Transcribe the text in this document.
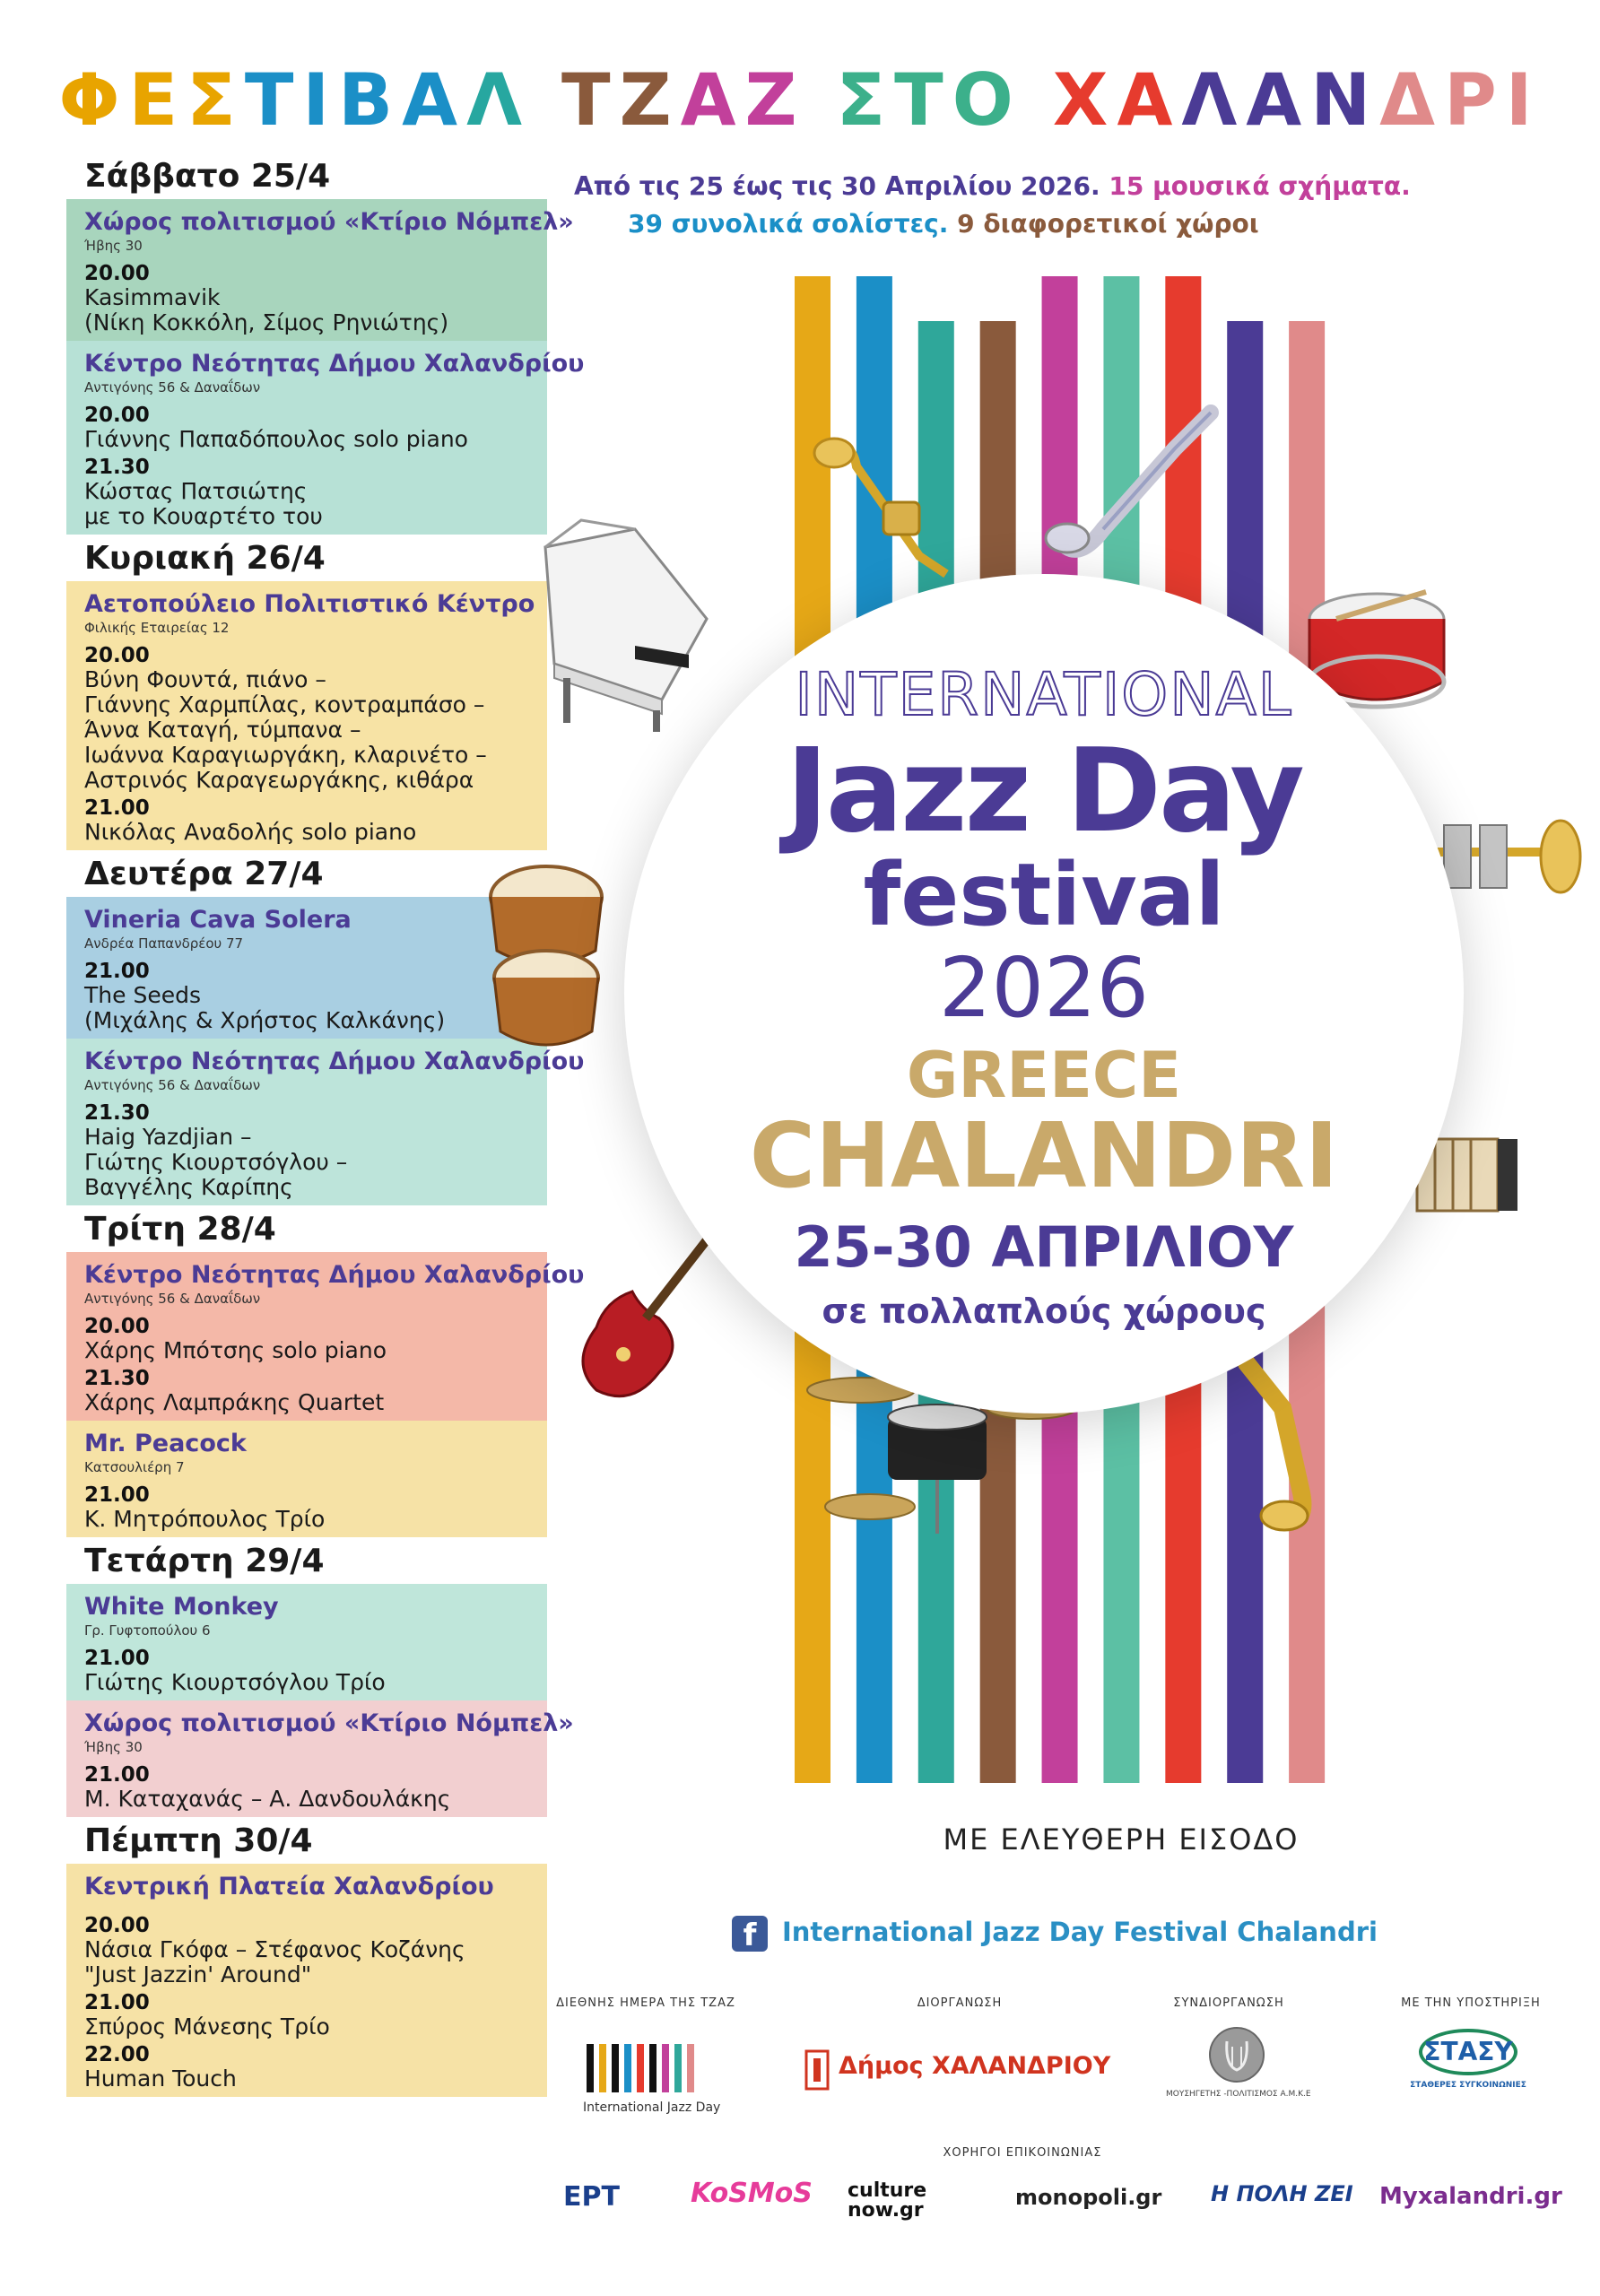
ΦΕΣΤΙΒΑΛ ΤΖΑΖ ΣΤΟ ΧΑΛΑΝΔΡΙ
Σάββατο 25/4
Χώρος πολιτισμού «Κτίριο Νόμπελ»
Ήβης 30
20.00
Kasimmavik
(Νίκη Κοκκόλη, Σίμος Ρηνιώτης)
Κέντρο Νεότητας Δήμου Χαλανδρίου
Αντιγόνης 56 & Δαναΐδων
20.00
Γιάννης Παπαδόπουλος solo piano
21.30
Κώστας Πατσιώτης
με το Κουαρτέτο του
Κυριακή 26/4
Αετοπούλειο Πολιτιστικό Κέντρο
Φιλικής Εταιρείας 12
20.00
Βύνη Φουντά, πιάνο –
Γιάννης Χαρμπίλας, κοντραμπάσο –
Άννα Καταγή, τύμπανα –
Ιωάννα Καραγιωργάκη, κλαρινέτο –
Αστρινός Καραγεωργάκης, κιθάρα
21.00
Νικόλας Αναδολής solo piano
Δευτέρα 27/4
Vineria Cava Solera
Ανδρέα Παπανδρέου 77
21.00
The Seeds
(Μιχάλης & Χρήστος Καλκάνης)
Κέντρο Νεότητας Δήμου Χαλανδρίου
Αντιγόνης 56 & Δαναΐδων
21.30
Haig Yazdjian –
Γιώτης Κιουρτσόγλου –
Βαγγέλης Καρίπης
Τρίτη 28/4
Κέντρο Νεότητας Δήμου Χαλανδρίου
Αντιγόνης 56 & Δαναΐδων
20.00
Χάρης Μπότσης solo piano
21.30
Χάρης Λαμπράκης Quartet
Mr. Peacock
Κατσουλιέρη 7
21.00
Κ. Μητρόπουλος Τρίο
Τετάρτη 29/4
White Monkey
Γρ. Γυφτοπούλου 6
21.00
Γιώτης Κιουρτσόγλου Τρίο
Χώρος πολιτισμού «Κτίριο Νόμπελ»
Ήβης 30
21.00
Μ. Καταχανάς – Α. Δανδουλάκης
Πέμπτη 30/4
Κεντρική Πλατεία Χαλανδρίου
20.00
Νάσια Γκόφα – Στέφανος Κοζάνης
"Just Jazzin' Around"
21.00
Σπύρος Μάνεσης Τρίο
22.00
Human Touch
Από τις 25 έως τις 30 Απριλίου 2026. 15 μουσικά σχήματα.
39 συνολικά σολίστες. 9 διαφορετικοί χώροι
INTERNATIONAL
Jazz Day
festival
2026
GREECE
CHALANDRI
25-30 ΑΠΡΙΛΙΟΥ
σε πολλαπλούς χώρους
ΜΕ ΕΛΕΥΘΕΡΗ ΕΙΣΟΔΟ
f International Jazz Day Festival Chalandri
ΔΙΕΘΝΗΣ ΗΜΕΡΑ ΤΗΣ ΤΖΑΖ	ΔΙΟΡΓΑΝΩΣΗ	ΣΥΝΔΙΟΡΓΑΝΩΣΗ	ΜΕ ΤΗΝ ΥΠΟΣΤΗΡΙΞΗ
International Jazz Day
Δήμος ΧΑΛΑΝΔΡΙΟΥ
ΜΟΥΣΗΓΕΤΗΣ -ΠΟΛΙΤΙΣΜΟΣ Α.Μ.Κ.Ε
ΣΤΑΣΥ
ΣΤΑΘΕΡΕΣ ΣΥΓΚΟΙΝΩΝΙΕΣ
ΧΟΡΗΓΟΙ ΕΠΙΚΟΙΝΩΝΙΑΣ
ΕΡΤ	KoSMoS culture now.gr
monopoli.gr Η ΠΟΛΗ ΖΕΙ Myxalandri.gr
